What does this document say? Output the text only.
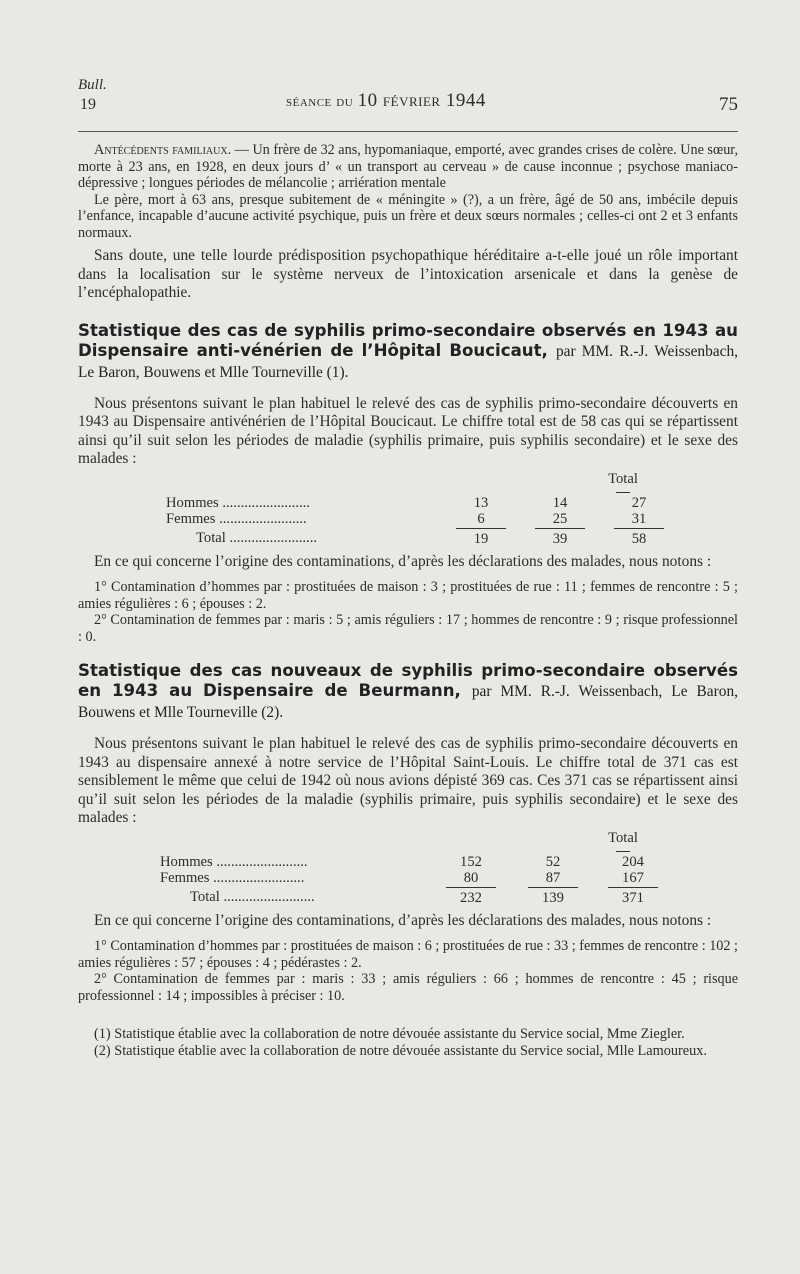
Bull.
19	séance du 10 février 1944	75

Antécédents familiaux. — Un frère de 32 ans, hypomaniaque, emporté, avec grandes crises de colère. Une sœur, morte à 23 ans, en 1928, en deux jours d’ « un transport au cerveau » de cause inconnue ; psychose maniaco-dépressive ; longues périodes de mélancolie ; arriération mentale

Le père, mort à 63 ans, presque subitement de « méningite » (?), a un frère, âgé de 50 ans, imbécile depuis l’enfance, incapable d’aucune activité psychique, puis un frère et deux sœurs normales ; celles-ci ont 2 et 3 enfants normaux.

Sans doute, une telle lourde prédisposition psychopathique héréditaire a-t-elle joué un rôle important dans la localisation sur le système nerveux de l’intoxication arsenicale et dans la genèse de l’encéphalopathie.

Statistique des cas de syphilis primo-secondaire observés en 1943 au Dispensaire anti-vénérien de l’Hôpital Boucicaut, par MM. R.-J. Weissenbach, Le Baron, Bouwens et Mlle Tourneville (1).

Nous présentons suivant le plan habituel le relevé des cas de syphilis primo-secondaire découverts en 1943 au Dispensaire antivénérien de l’Hôpital Boucicaut. Le chiffre total est de 58 cas qui se répartissent ainsi qu’il suit selon les périodes de maladie (syphilis primaire, puis syphilis secondaire) et le sexe des malades :

Total
Hommes ........................	13	14	27
Femmes ........................	6	25	31
Total ........................	19	39	58

En ce qui concerne l’origine des contaminations, d’après les déclarations des malades, nous notons :

1° Contamination d’hommes par : prostituées de maison : 3 ; prostituées de rue : 11 ; femmes de rencontre : 5 ; amies régulières : 6 ; épouses : 2.

2° Contamination de femmes par : maris : 5 ; amis réguliers : 17 ; hommes de rencontre : 9 ; risque professionnel : 0.

Statistique des cas nouveaux de syphilis primo-secondaire observés en 1943 au Dispensaire de Beurmann, par MM. R.-J. Weissenbach, Le Baron, Bouwens et Mlle Tourneville (2).

Nous présentons suivant le plan habituel le relevé des cas de syphilis primo-secondaire découverts en 1943 au dispensaire annexé à notre service de l’Hôpital Saint-Louis. Le chiffre total de 371 cas est sensiblement le même que celui de 1942 où nous avions dépisté 369 cas. Ces 371 cas se répartissent ainsi qu’il suit selon les périodes de la maladie (syphilis primaire, puis syphilis secondaire) et le sexe des malades :

Total
Hommes .........................	152	52	204
Femmes .........................	80	87	167
Total .........................	232	139	371

En ce qui concerne l’origine des contaminations, d’après les déclarations des malades, nous notons :

1° Contamination d’hommes par : prostituées de maison : 6 ; prostituées de rue : 33 ; femmes de rencontre : 102 ; amies régulières : 57 ; épouses : 4 ; pédérastes : 2.

2° Contamination de femmes par : maris : 33 ; amis réguliers : 66 ; hommes de rencontre : 45 ; risque professionnel : 14 ; impossibles à préciser : 10.

(1) Statistique établie avec la collaboration de notre dévouée assistante du Service social, Mme Ziegler.

(2) Statistique établie avec la collaboration de notre dévouée assistante du Service social, Mlle Lamoureux.
